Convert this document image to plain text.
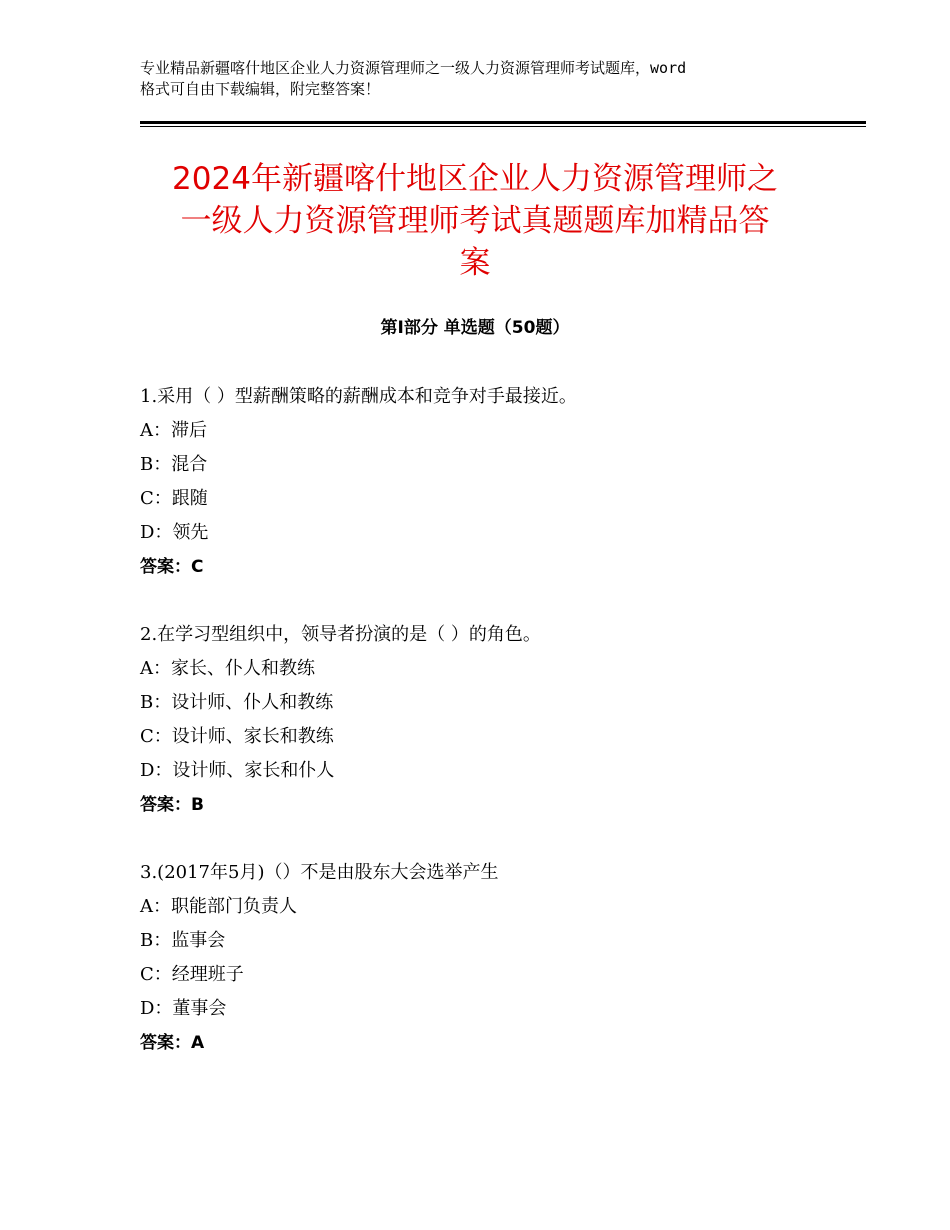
专业精品新疆喀什地区企业人力资源管理师之一级人力资源管理师考试题库，word
格式可自由下载编辑，附完整答案！
2024年新疆喀什地区企业人力资源管理师之
一级人力资源管理师考试真题题库加精品答
案
第Ⅰ部分 单选题（50题）
1.采用（ ）型薪酬策略的薪酬成本和竞争对手最接近。
A：滞后
B：混合
C：跟随
D：领先
答案：C
2.在学习型组织中，领导者扮演的是（ ）的角色。
A：家长、仆人和教练
B：设计师、仆人和教练
C：设计师、家长和教练
D：设计师、家长和仆人
答案：B
3.(2017年5月)（）不是由股东大会选举产生
A：职能部门负责人
B：监事会
C：经理班子
D：董事会
答案：A
